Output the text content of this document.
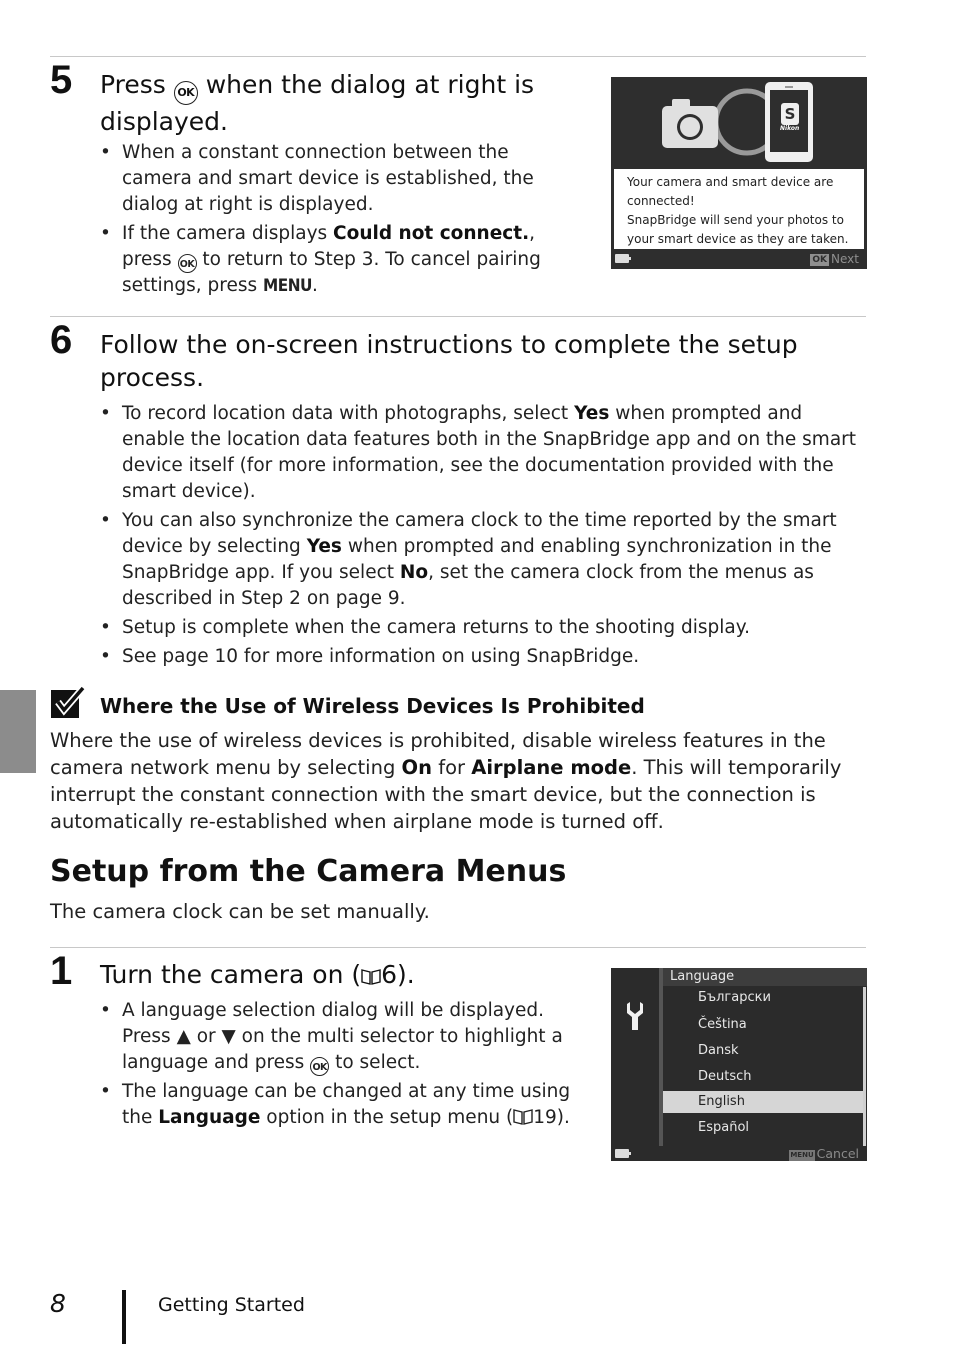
5 Press OK when the dialog at right is displayed.
• When a constant connection between the camera and smart device is established, the dialog at right is displayed.
• If the camera displays Could not connect., press OK to return to Step 3. To cancel pairing settings, press MENU.
S
Nikon
Your camera and smart device are
connected!
SnapBridge will send your photos to
your smart device as they are taken.
OK Next
6 Follow the on-screen instructions to complete the setup process.
• To record location data with photographs, select Yes when prompted and enable the location data features both in the SnapBridge app and on the smart device itself (for more information, see the documentation provided with the smart device).
• You can also synchronize the camera clock to the time reported by the smart device by selecting Yes when prompted and enabling synchronization in the SnapBridge app. If you select No, set the camera clock from the menus as described in Step 2 on page 9.
• Setup is complete when the camera returns to the shooting display.
• See page 10 for more information on using SnapBridge.
Where the Use of Wireless Devices Is Prohibited
Where the use of wireless devices is prohibited, disable wireless features in the camera network menu by selecting On for Airplane mode. This will temporarily interrupt the constant connection with the smart device, but the connection is automatically re-established when airplane mode is turned off.
Setup from the Camera Menus
The camera clock can be set manually.
1 Turn the camera on ( 6).
• A language selection dialog will be displayed. Press ▲ or ▼ on the multi selector to highlight a language and press OK to select.
• The language can be changed at any time using the Language option in the setup menu ( 19).
Language
Български
Čeština
Dansk
Deutsch
English
Español
MENU Cancel
8	Getting Started
